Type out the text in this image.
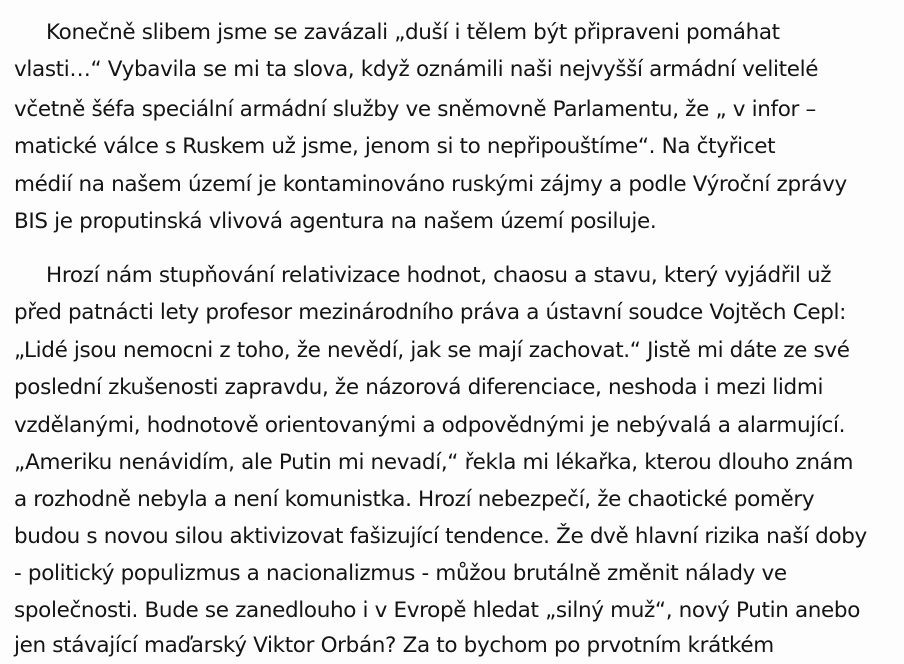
Konečně slibem jsme se zavázali „duší i tělem být připraveni pomáhat
vlasti…“ Vybavila se mi ta slova, když oznámili naši nejvyšší armádní velitelé
včetně šéfa speciální armádní služby ve sněmovně Parlamentu, že „ v infor –
matické válce s Ruskem už jsme, jenom si to nepřipouštíme“. Na čtyřicet
médií na našem území je kontaminováno ruskými zájmy a podle Výroční zprávy
BIS je proputinská vlivová agentura na našem území posiluje.
Hrozí nám stupňování relativizace hodnot, chaosu a stavu, který vyjádřil už
před patnácti lety profesor mezinárodního práva a ústavní soudce Vojtěch Cepl:
„Lidé jsou nemocni z toho, že nevědí, jak se mají zachovat.“ Jistě mi dáte ze své
poslední zkušenosti zapravdu, že názorová diferenciace, neshoda i mezi lidmi
vzdělanými, hodnotově orientovanými a odpovědnými je nebývalá a alarmující.
„Ameriku nenávidím, ale Putin mi nevadí,“ řekla mi lékařka, kterou dlouho znám
a rozhodně nebyla a není komunistka. Hrozí nebezpečí, že chaotické poměry
budou s novou silou aktivizovat fašizující tendence. Že dvě hlavní rizika naší doby
- politický populizmus a nacionalizmus - můžou brutálně změnit nálady ve
společnosti. Bude se zanedlouho i v Evropě hledat „silný muž“, nový Putin anebo
jen stávající maďarský Viktor Orbán? Za to bychom po prvotním krátkém
